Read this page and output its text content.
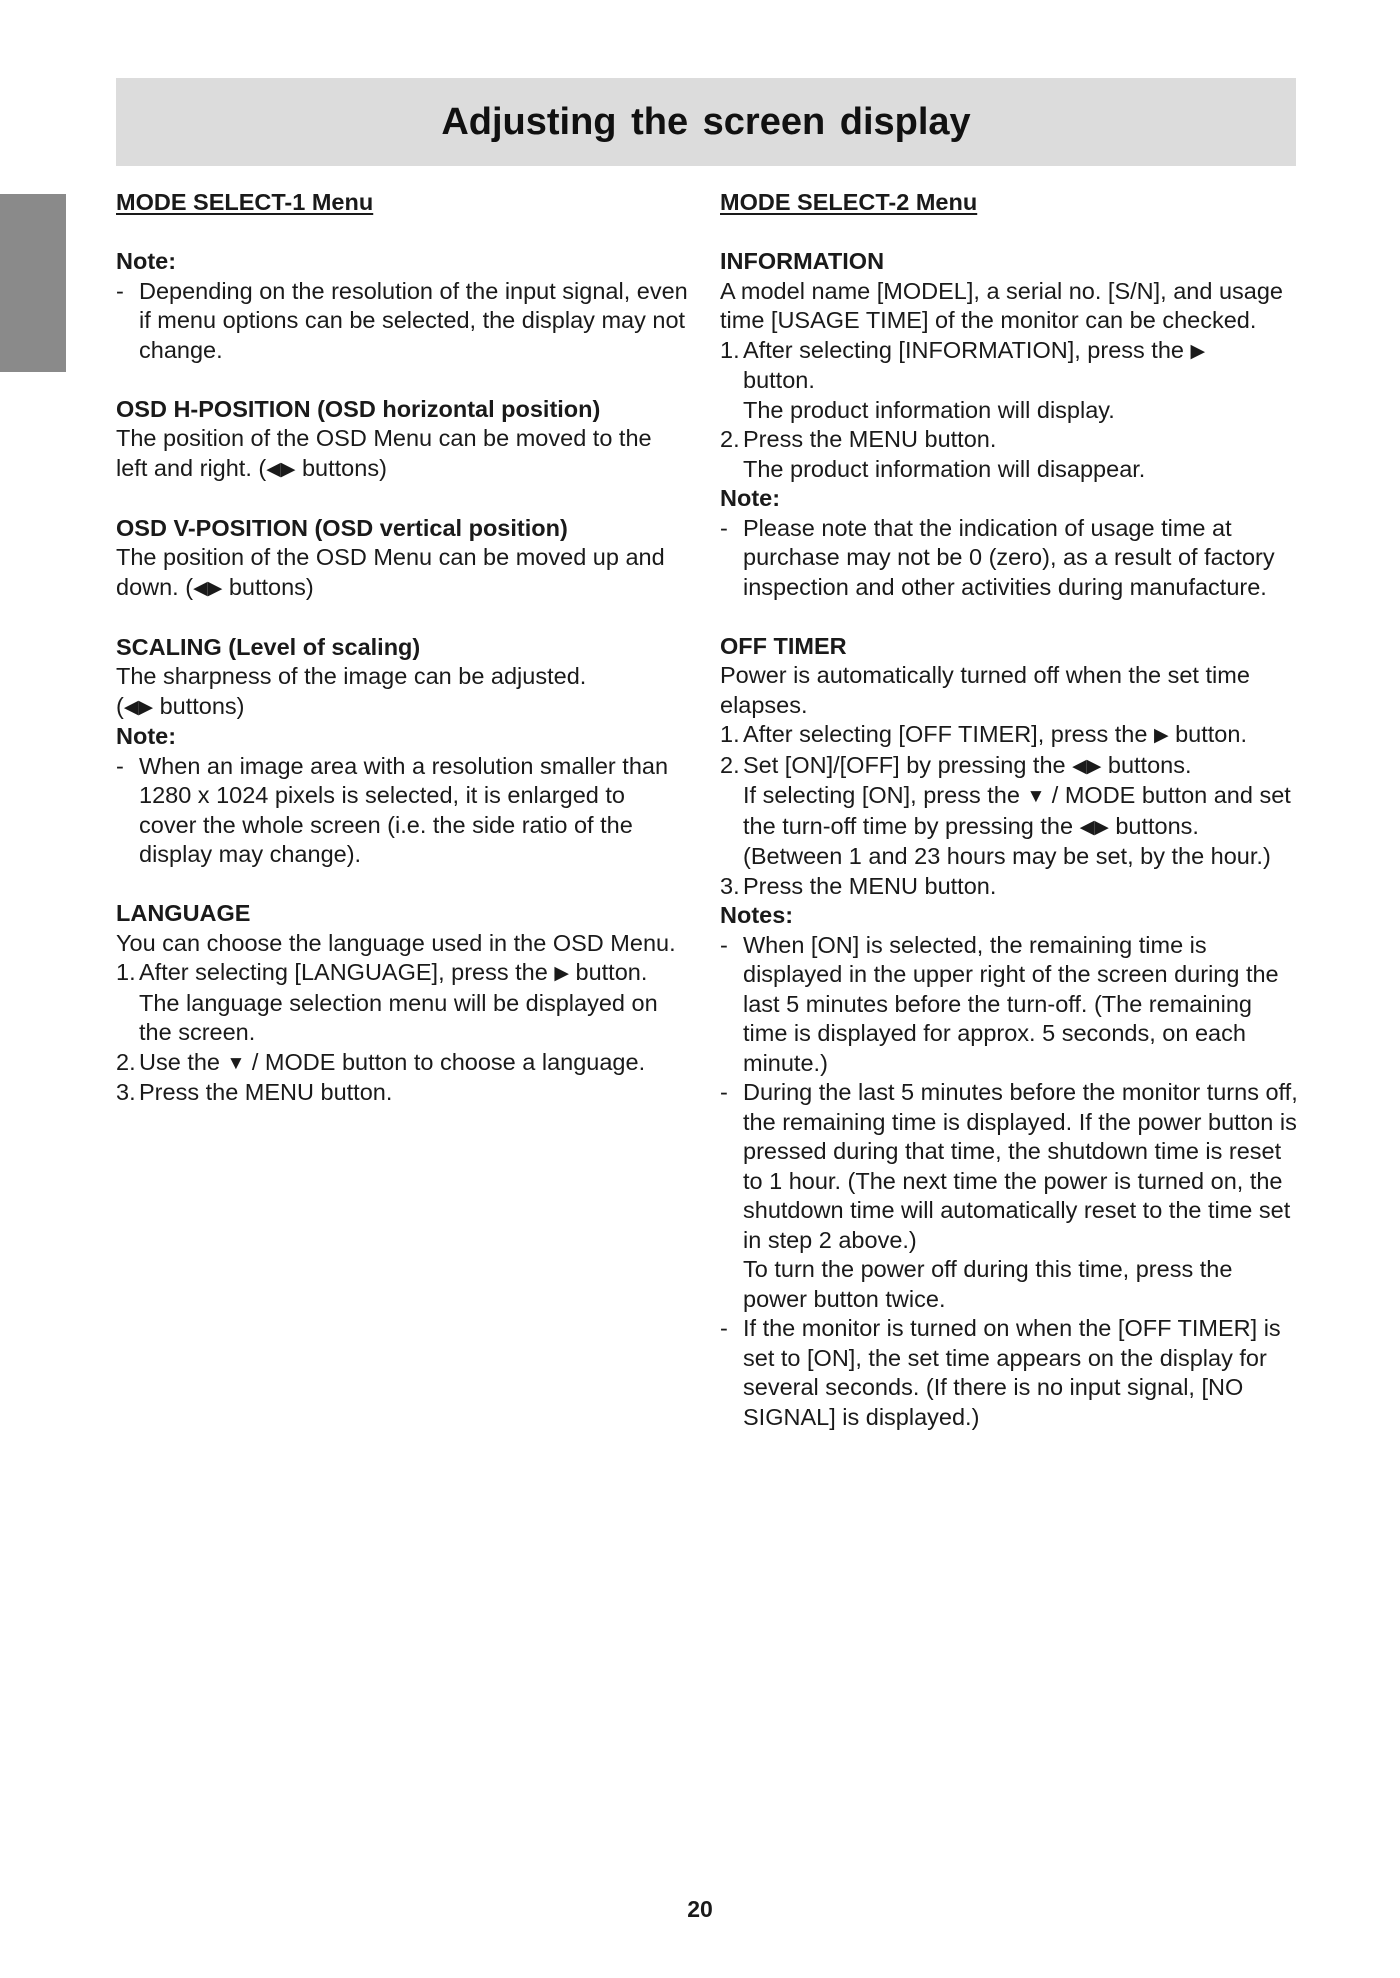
Adjusting the screen display
MODE SELECT-1 Menu
Note:
- Depending on the resolution of the input signal, even if menu options can be selected, the display may not change.
OSD H-POSITION (OSD horizontal position)

The position of the OSD Menu can be moved to the left and right. (◀▶ buttons)

OSD V-POSITION (OSD vertical position)

The position of the OSD Menu can be moved up and down. (◀▶ buttons)

SCALING (Level of scaling)

The sharpness of the image can be adjusted.

(◀▶ buttons)

Note:
- When an image area with a resolution smaller than 1280 x 1024 pixels is selected, it is enlarged to cover the whole screen (i.e. the side ratio of the display may change).
LANGUAGE

You can choose the language used in the OSD Menu.

1. After selecting [LANGUAGE], press the ▶ button.
The language selection menu will be displayed on the screen.
2. Use the ▼ / MODE button to choose a language.
3. Press the MENU button.
MODE SELECT-2 Menu
INFORMATION

A model name [MODEL], a serial no. [S/N], and usage time [USAGE TIME] of the monitor can be checked.

1. After selecting [INFORMATION], press the ▶
button.
The product information will display.
2. Press the MENU button.
The product information will disappear.
Note:
- Please note that the indication of usage time at purchase may not be 0 (zero), as a result of factory inspection and other activities during manufacture.
OFF TIMER

Power is automatically turned off when the set time elapses.

1. After selecting [OFF TIMER], press the ▶ button.
2. Set [ON]/[OFF] by pressing the ◀▶ buttons.
If selecting [ON], press the ▼ / MODE button and set the turn-off time by pressing the ◀▶ buttons. (Between 1 and 23 hours may be set, by the hour.)
3. Press the MENU button.
Notes:
- When [ON] is selected, the remaining time is displayed in the upper right of the screen during the last 5 minutes before the turn-off. (The remaining time is displayed for approx. 5 seconds, on each minute.)
- During the last 5 minutes before the monitor turns off, the remaining time is displayed. If the power button is pressed during that time, the shutdown time is reset to 1 hour. (The next time the power is turned on, the shutdown time will automatically reset to the time set in step 2 above.)
To turn the power off during this time, press the power button twice.
- If the monitor is turned on when the [OFF TIMER] is set to [ON], the set time appears on the display for several seconds. (If there is no input signal, [NO SIGNAL] is displayed.)
20
